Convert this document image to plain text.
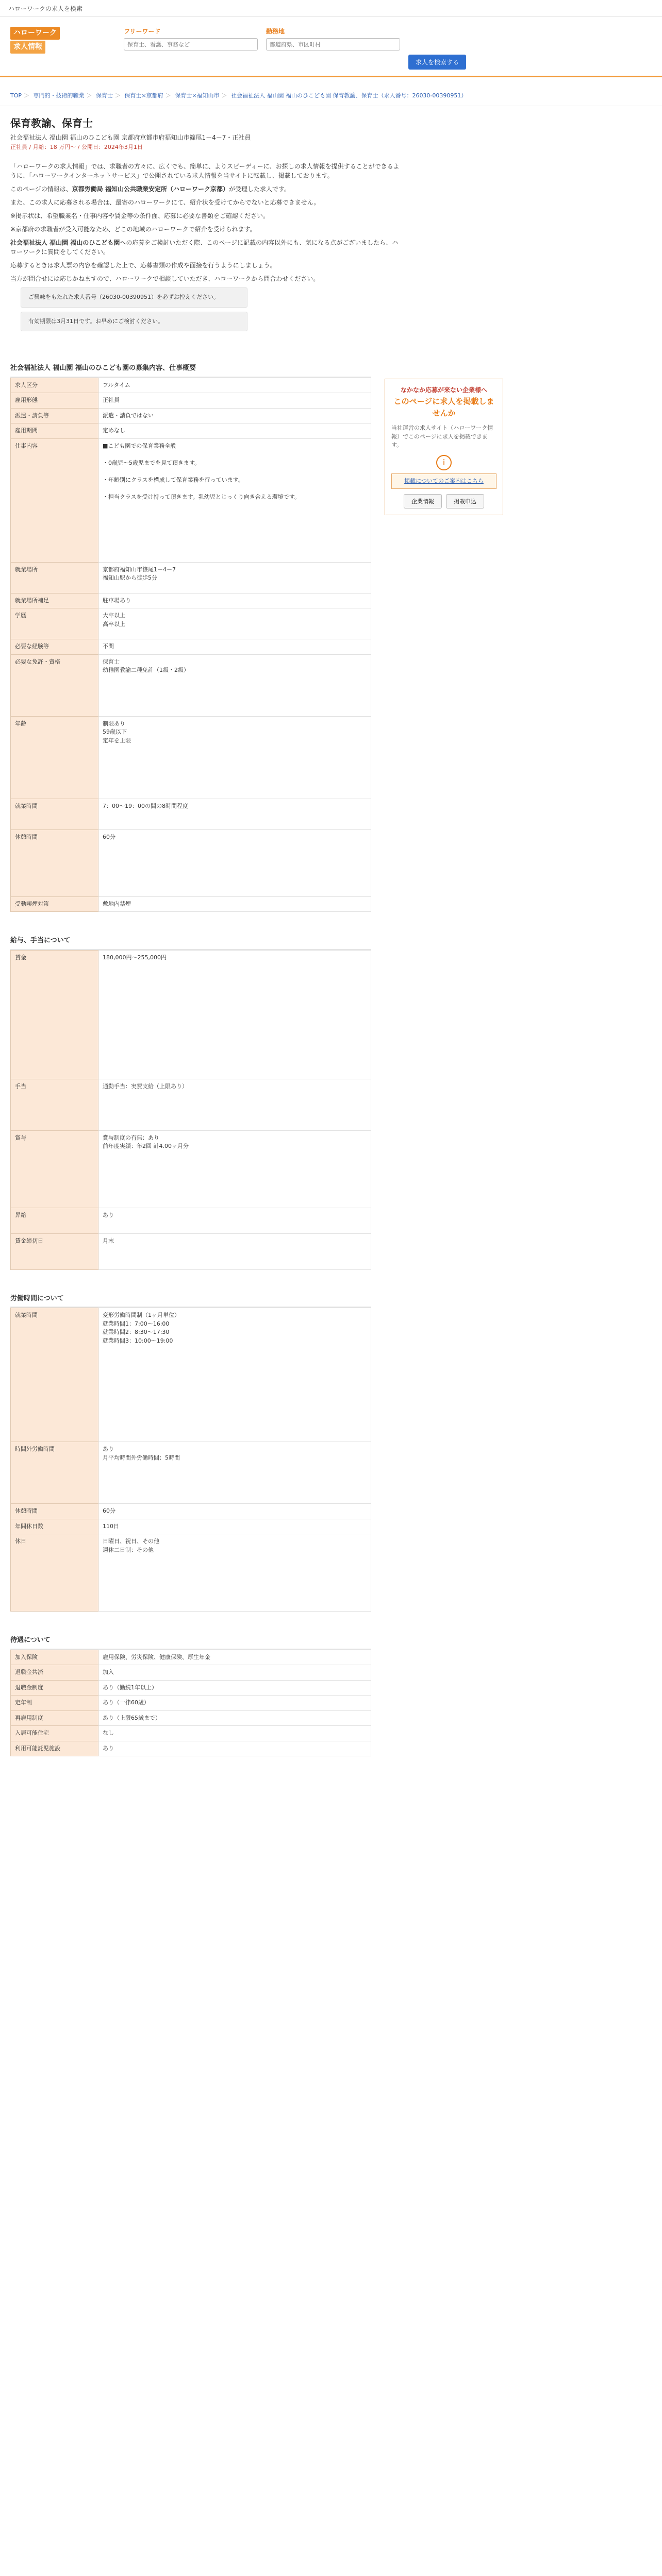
ハローワークの求人を検索
ハローワーク
求人情報
フリーワード
保育士、看護、事務など	勤務地
都道府県、市区町村
求人を検索する
TOP ＞ 専門的・技術的職業 ＞ 保育士 ＞ 保育士×京都府 ＞ 保育士×福知山市 ＞ 社会福祉法人 福山園 福山のひこども園 保育教諭、保育士（求人番号：26030-00390951）
保育教諭、保育士
社会福祉法人 福山園 福山のひこども園 京都府京都市府福知山市篠尾1－4－7・正社員
正社員 / 月給：18 万円～ / 公開日：2024年3月1日

「ハローワークの求人情報」では、求職者の方々に、広くでも、簡単に、よりスピーディーに、お探しの求人情報を提供することができるように、「ハローワークインターネットサービス」で公開されている求人情報を当サイトに転載し、掲載しております。

このページの情報は、京都労働局 福知山公共職業安定所（ハローワーク京都）が受理した求人です。

また、この求人に応募される場合は、最寄のハローワークにて、紹介状を受けてからでないと応募できません。

※掲示状は、希望職業名・仕事内容や賃金等の条件面、応募に必要な書類をご確認ください。

※京都府の求職者が受入可能なため、どこの地域のハローワークで紹介を受けられます。

社会福祉法人 福山園 福山のひこども園への応募をご検討いただく際、このページに記載の内容以外にも、気になる点がございましたら、ハローワークに質問をしてください。

応募するときは求人票の内容を確認した上で、応募書類の作成や面接を行うようにしましょう。

当方が問合せには応じかねますので、ハローワークで相談していただき、ハローワークから問合わせください。

ご興味をもたれた求人番号（26030-00390951）を必ずお控えください。
有効期限は3月31日です。お早めにご検討ください。
社会福祉法人 福山園 福山のひこども園の募集内容、仕事概要
求人区分	フルタイム
雇用形態	正社員
派遣・請負等	派遣・請負ではない
雇用期間	定めなし
仕事内容	■こども園での保育業務全般

・0歳児～5歳児までを見て頂きます。

・年齢別にクラスを構成して保育業務を行っています。

・担当クラスを受け持って頂きます。乳幼児とじっくり向き合える環境です。
就業場所	京都府福知山市篠尾1－4－7
福知山駅から徒歩5分
就業場所補足	駐車場あり
学歴	大卒以上
高卒以上
必要な経験等	不問
必要な免許・資格	保育士
幼稚園教諭二種免許（1級・2級）
年齢	制限あり
59歳以下
定年を上限
就業時間	7：00～19：00の間の8時間程度
休憩時間	60分
受動喫煙対策	敷地内禁煙
給与、手当について
賃金	180,000円～255,000円
手当	通勤手当：実費支給（上限あり）
賞与	賞与制度の有無：あり
前年度実績：年2回 計4.00ヶ月分
昇給	あり
賃金締切日	月末
労働時間について
就業時間	変形労働時間制（1ヶ月単位）
就業時間1：7:00～16:00
就業時間2：8:30～17:30
就業時間3：10:00～19:00
時間外労働時間	あり
月平均時間外労働時間：5時間
休憩時間	60分
年間休日数	110日
休日	日曜日、祝日、その他
週休二日制：その他
待遇について
加入保険	雇用保険、労災保険、健康保険、厚生年金
退職金共済	加入
退職金制度	あり（勤続1年以上）
定年制	あり（一律60歳）
再雇用制度	あり（上限65歳まで）
入居可能住宅	なし
利用可能託児施設	あり
なかなか応募が来ない企業様へ
このページに求人を掲載しませんか
当社運営の求人サイト（ハローワーク情報）でこのページに求人を掲載できます。
i
掲載についてのご案内はこちら
企業情報	掲載申込
